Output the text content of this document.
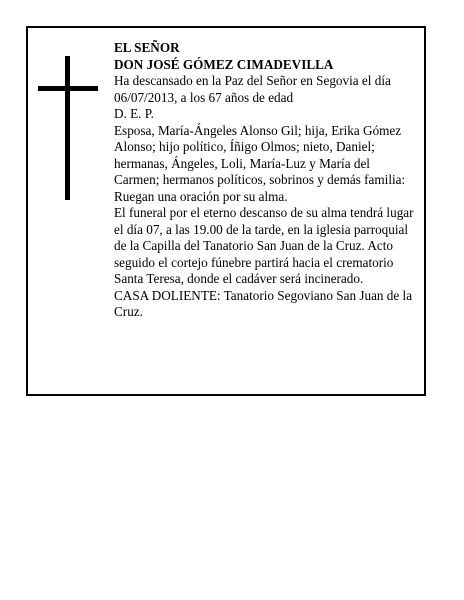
EL SEÑOR

DON JOSÉ GÓMEZ CIMADEVILLA

Ha descansado en la Paz del Señor en Segovia el día 06/07/2013, a los 67 años de edad

D. E. P.

Esposa, María-Ángeles Alonso Gil; hija, Erika Gómez Alonso; hijo político, Íñigo Olmos; nieto, Daniel; hermanas, Ángeles, Loli, María-Luz y María del Carmen; hermanos políticos, sobrinos y demás familia:

Ruegan una oración por su alma.

El funeral por el eterno descanso de su alma tendrá lugar el día 07, a las 19.00 de la tarde, en la iglesia parroquial de la Capilla del Tanatorio San Juan de la Cruz. Acto seguido el cortejo fúnebre partirá hacia el crematorio Santa Teresa, donde el cadáver será incinerado.

CASA DOLIENTE: Tanatorio Segoviano San Juan de la Cruz.
